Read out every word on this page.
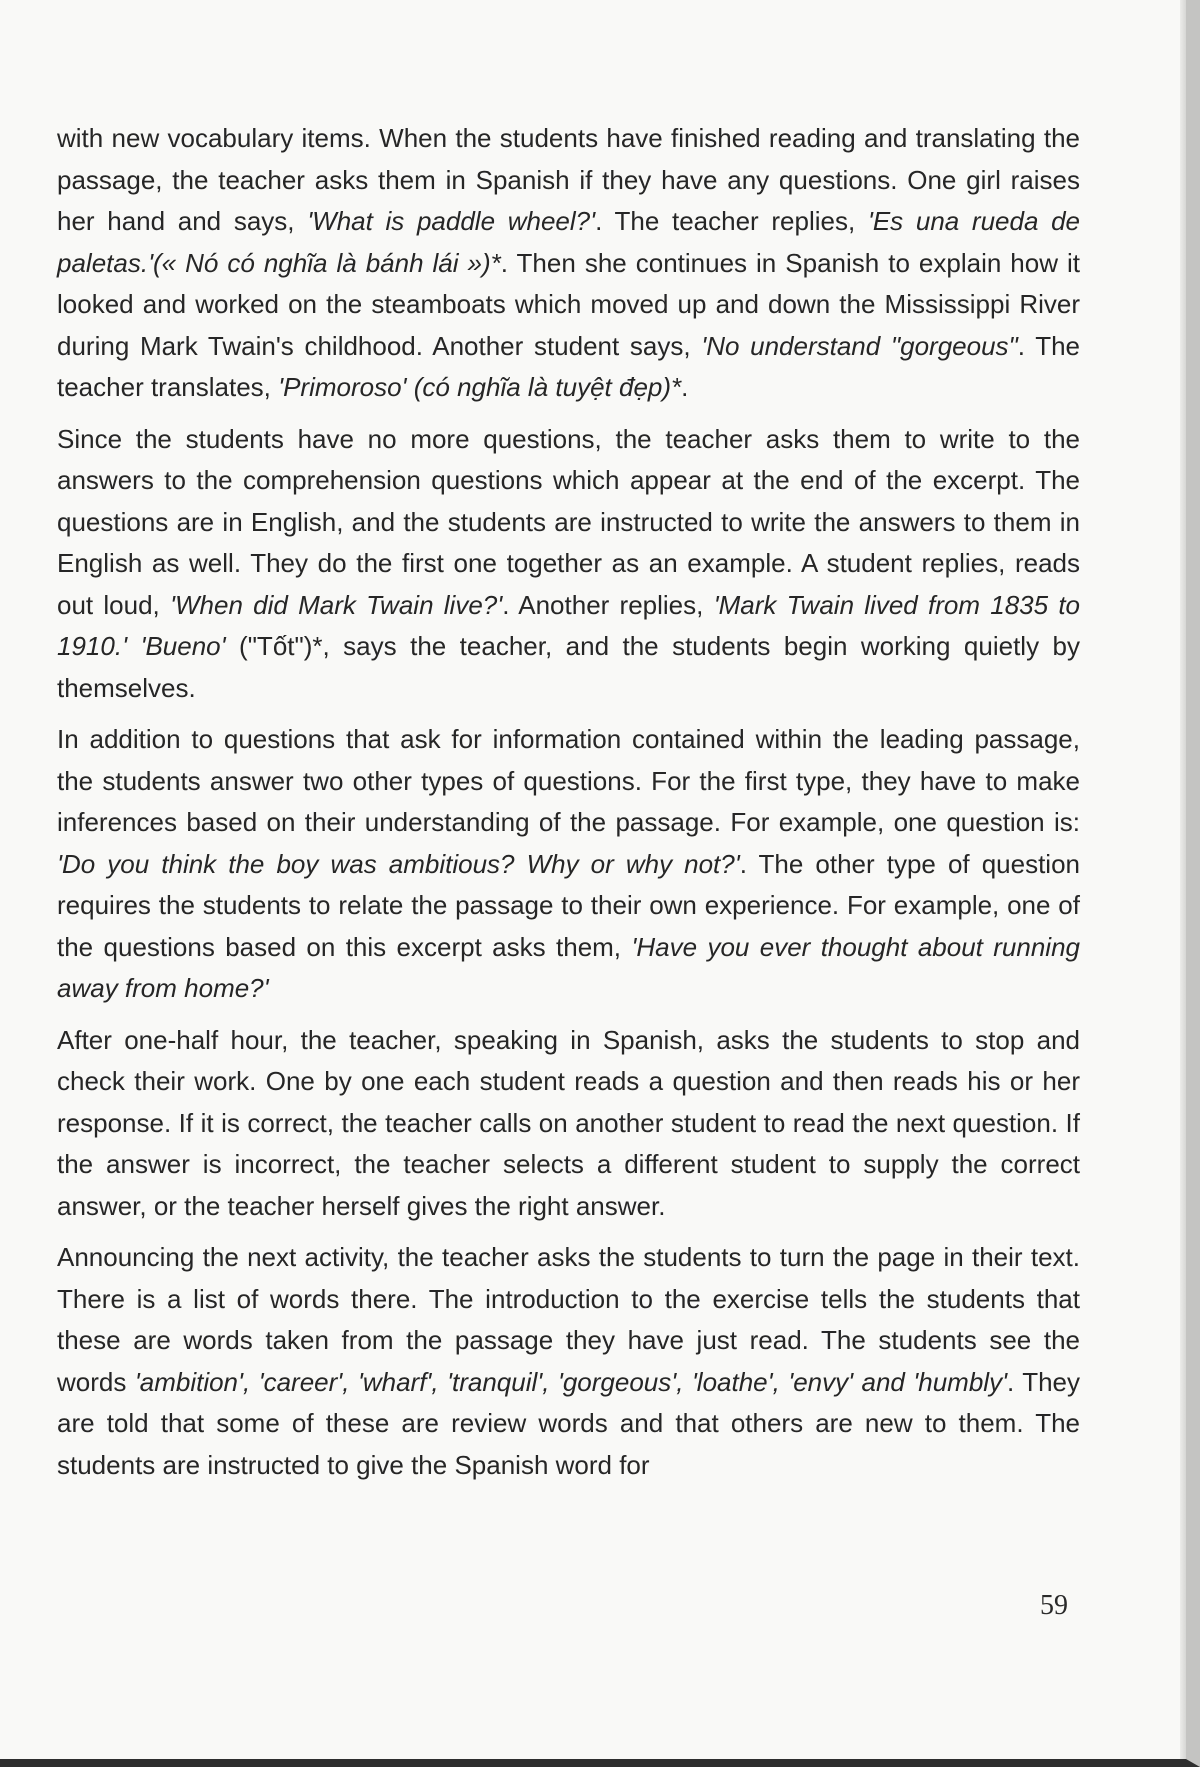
with new vocabulary items. When the students have finished reading and translating the passage, the teacher asks them in Spanish if they have any questions. One girl raises her hand and says, 'What is paddle wheel?'. The teacher replies, 'Es una rueda de paletas.'(« Nó có nghĩa là bánh lái »)*. Then she continues in Spanish to explain how it looked and worked on the steamboats which moved up and down the Mississippi River during Mark Twain's childhood. Another student says, 'No understand "gorgeous". The teacher translates, 'Primoroso' (có nghĩa là tuyệt đẹp)*.

Since the students have no more questions, the teacher asks them to write to the answers to the comprehension questions which appear at the end of the excerpt. The questions are in English, and the students are instructed to write the answers to them in English as well. They do the first one together as an example. A student replies, reads out loud, 'When did Mark Twain live?'. Another replies, 'Mark Twain lived from 1835 to 1910.' 'Bueno' ("Tốt")*, says the teacher, and the students begin working quietly by themselves.

In addition to questions that ask for information contained within the leading passage, the students answer two other types of questions. For the first type, they have to make inferences based on their understanding of the passage. For example, one question is: 'Do you think the boy was ambitious? Why or why not?'. The other type of question requires the students to relate the passage to their own experience. For example, one of the questions based on this excerpt asks them, 'Have you ever thought about running away from home?'

After one-half hour, the teacher, speaking in Spanish, asks the students to stop and check their work. One by one each student reads a question and then reads his or her response. If it is correct, the teacher calls on another student to read the next question. If the answer is incorrect, the teacher selects a different student to supply the correct answer, or the teacher herself gives the right answer.

Announcing the next activity, the teacher asks the students to turn the page in their text. There is a list of words there. The introduction to the exercise tells the students that these are words taken from the passage they have just read. The students see the words 'ambition', 'career', 'wharf', 'tranquil', 'gorgeous', 'loathe', 'envy' and 'humbly'. They are told that some of these are review words and that others are new to them. The students are instructed to give the Spanish word for

59
